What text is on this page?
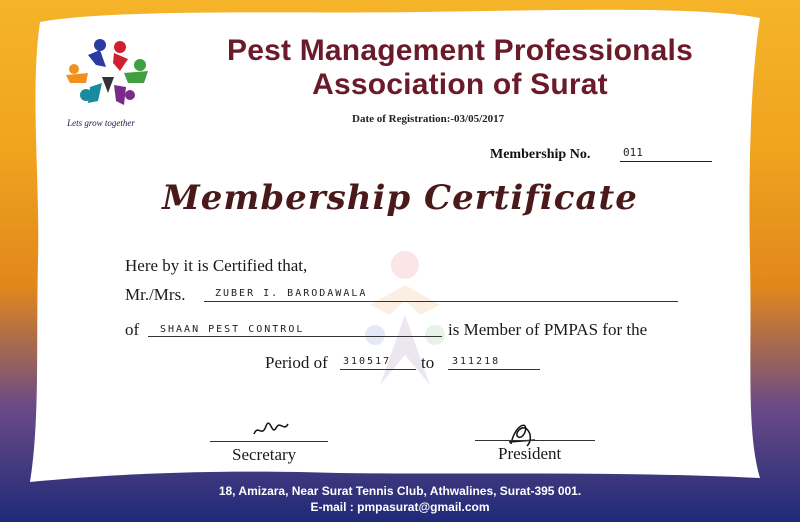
Lets grow together
Pest Management Professionals
Association of Surat
Date of Registration:-03/05/2017
Membership No.	011
Membership Certificate
Here by it is Certified that,
Mr./Mrs.	ZUBER I. BARODAWALA
of SHAAN PEST CONTROL	is Member of PMPAS for the
Period of 310517 to 311218
Secretary	President
18, Amizara, Near Surat Tennis Club, Athwalines, Surat-395 001.
E-mail : pmpasurat@gmail.com
